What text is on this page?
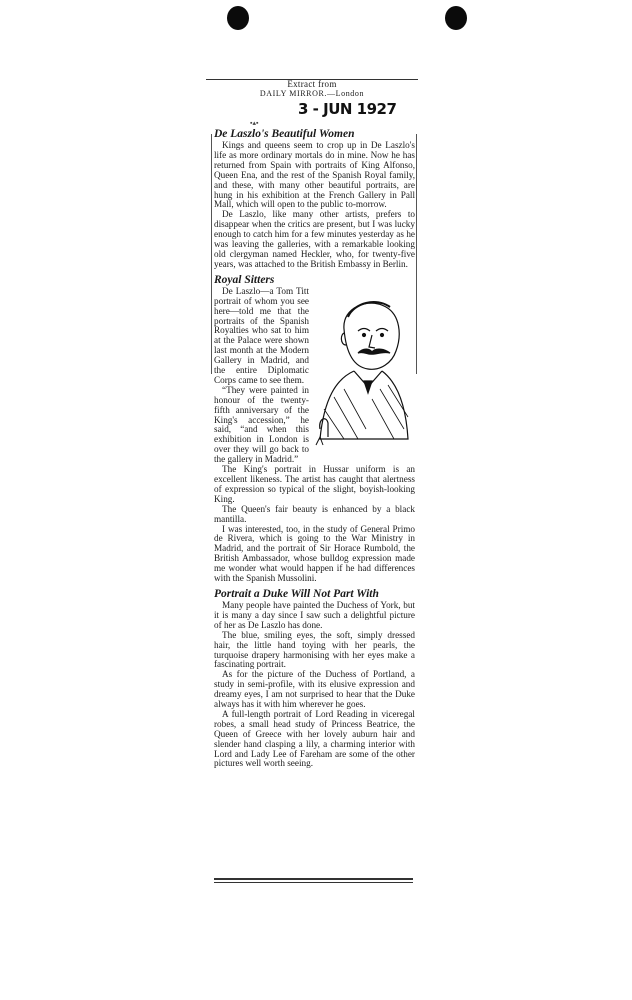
Extract from
DAILY MIRROR.—London
3 - JUN 1927
▪▴▪
De Laszlo's Beautiful Women

Kings and queens seem to crop up in De Laszlo's life as more ordinary mortals do in mine. Now he has returned from Spain with portraits of King Alfonso, Queen Ena, and the rest of the Spanish Royal family, and these, with many other beautiful portraits, are hung in his exhibition at the French Gallery in Pall Mall, which will open to the public to-morrow.

De Laszlo, like many other artists, prefers to disappear when the critics are present, but I was lucky enough to catch him for a few minutes yesterday as he was leaving the galleries, with a remarkable looking old clergyman named Heckler, who, for twenty-five years, was attached to the British Embassy in Berlin.

Royal Sitters

De Laszlo—a Tom Titt portrait of whom you see here—told me that the portraits of the Spanish Royalties who sat to him at the Palace were shown last month at the Modern Gallery in Madrid, and the entire Diplomatic Corps came to see them.

“They were painted in honour of the twenty-fifth anniversary of the King's accession,” he said, “and when this exhibition in London is over they will go back to the gallery in Madrid.”

The King's portrait in Hussar uniform is an excellent likeness. The artist has caught that alertness of expression so typical of the slight, boyish-looking King.

The Queen's fair beauty is enhanced by a black mantilla.

I was interested, too, in the study of General Primo de Rivera, which is going to the War Ministry in Madrid, and the portrait of Sir Horace Rumbold, the British Ambassador, whose bulldog expression made me wonder what would happen if he had differences with the Spanish Mussolini.

Portrait a Duke Will Not Part With

Many people have painted the Duchess of York, but it is many a day since I saw such a delightful picture of her as De Laszlo has done.

The blue, smiling eyes, the soft, simply dressed hair, the little hand toying with her pearls, the turquoise drapery harmonising with her eyes make a fascinating portrait.

As for the picture of the Duchess of Portland, a study in semi-profile, with its elusive expression and dreamy eyes, I am not surprised to hear that the Duke always has it with him wherever he goes.

A full-length portrait of Lord Reading in viceregal robes, a small head study of Princess Beatrice, the Queen of Greece with her lovely auburn hair and slender hand clasping a lily, a charming interior with Lord and Lady Lee of Fareham are some of the other pictures well worth seeing.
